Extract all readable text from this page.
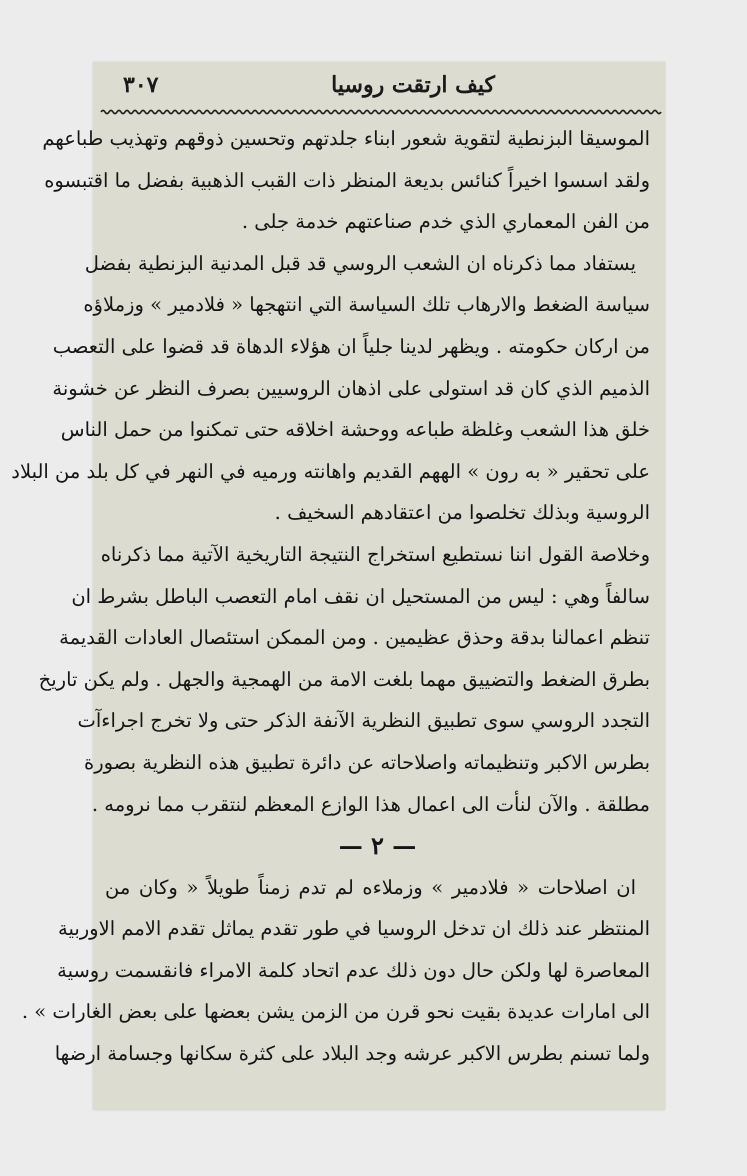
كيف ارتقت روسيا
٣٠٧
الموسيقا البزنطية لتقوية شعور ابناء جلدتهم وتحسين ذوقهم وتهذيب طباعهم
ولقد اسسوا اخيراً كنائس بديعة المنظر ذات القبب الذهبية بفضل ما اقتبسوه
من الفن المعماري الذي خدم صناعتهم خدمة جلى .
يستفاد مما ذكرناه ان الشعب الروسي قد قبل المدنية البزنطية بفضل
سياسة الضغط والارهاب تلك السياسة التي انتهجها « فلادمير » وزملاؤه
من اركان حكومته . ويظهر لدينا جلياً ان هؤلاء الدهاة قد قضوا على التعصب
الذميم الذي كان قد استولى على اذهان الروسيين بصرف النظر عن خشونة
خلق هذا الشعب وغلظة طباعه ووحشة اخلاقه حتى تمكنوا من حمل الناس
على تحقير « به رون » الههم القديم واهانته ورميه في النهر في كل بلد من البلاد
الروسية وبذلك تخلصوا من اعتقادهم السخيف .
وخلاصة القول اننا نستطيع استخراج النتيجة التاريخية الآتية مما ذكرناه
سالفاً وهي : ليس من المستحيل ان نقف امام التعصب الباطل بشرط ان
تنظم اعمالنا بدقة وحذق عظيمين . ومن الممكن استئصال العادات القديمة
بطرق الضغط والتضييق مهما بلغت الامة من الهمجية والجهل . ولم يكن تاريخ
التجدد الروسي سوى تطبيق النظرية الآنفة الذكر حتى ولا تخرج اجراءآت
بطرس الاكبر وتنظيماته واصلاحاته عن دائرة تطبيق هذه النظرية بصورة
مطلقة . والآن لنأت الى اعمال هذا الوازع المعظم لنتقرب مما نرومه .
— ٢ —
ان اصلاحات « فلادمير » وزملاءه لم تدم زمناً طويلاً « وكان من
المنتظر عند ذلك ان تدخل الروسيا في طور تقدم يماثل تقدم الامم الاوربية
المعاصرة لها ولكن حال دون ذلك عدم اتحاد كلمة الامراء فانقسمت روسية
الى امارات عديدة بقيت نحو قرن من الزمن يشن بعضها على بعض الغارات » .
ولما تسنم بطرس الاكبر عرشه وجد البلاد على كثرة سكانها وجسامة ارضها
